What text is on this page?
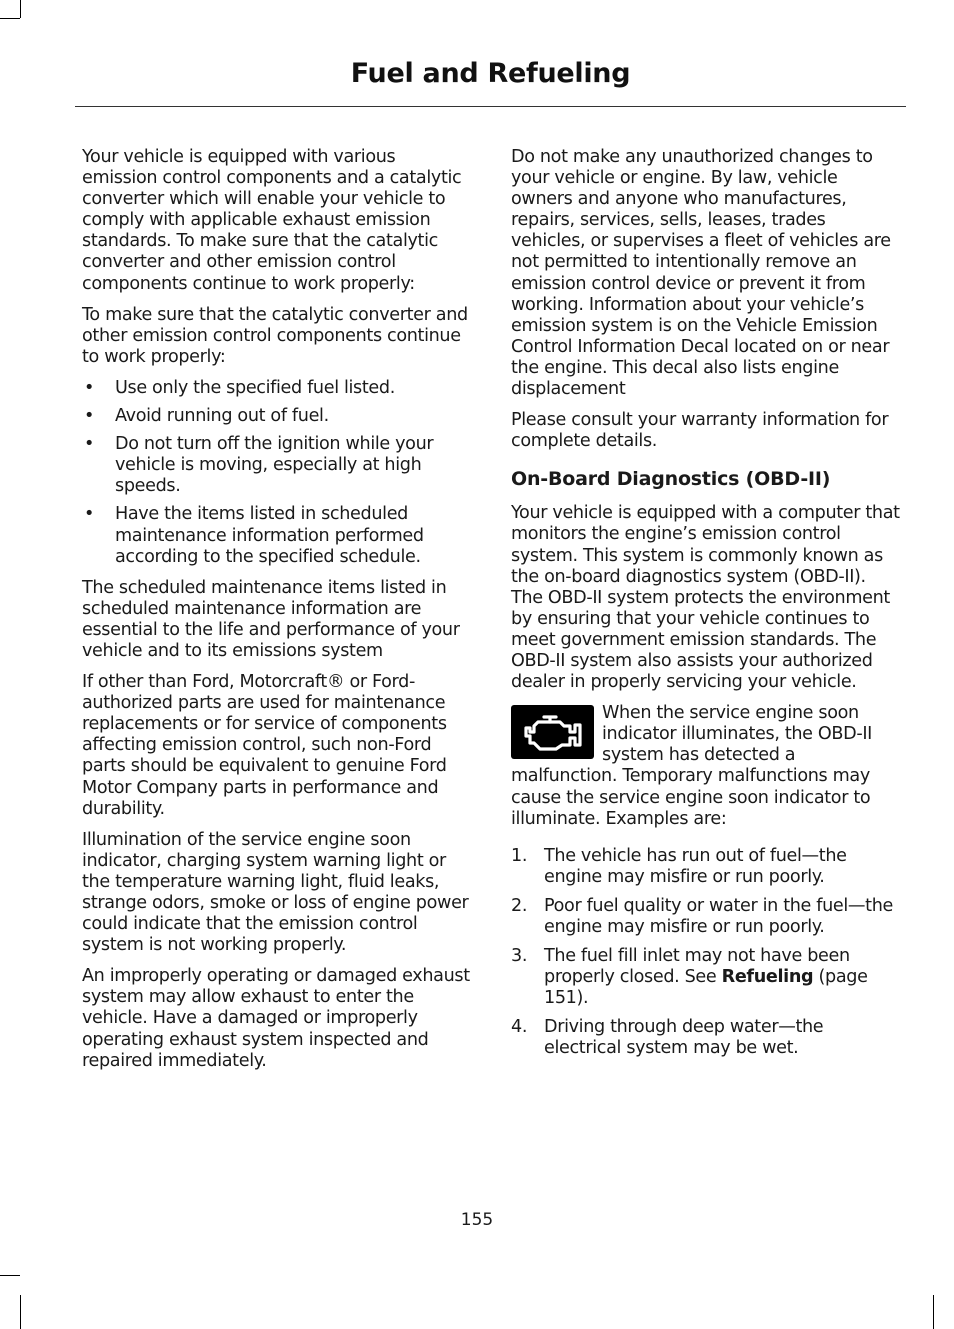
Fuel and Refueling

Your vehicle is equipped with various emission control components and a catalytic converter which will enable your vehicle to comply with applicable exhaust emission standards. To make sure that the catalytic converter and other emission control components continue to work properly:

To make sure that the catalytic converter and other emission control components continue to work properly:

• Use only the specified fuel listed.
• Avoid running out of fuel.
• Do not turn off the ignition while your vehicle is moving, especially at high speeds.
• Have the items listed in scheduled maintenance information performed according to the specified schedule.

The scheduled maintenance items listed in scheduled maintenance information are essential to the life and performance of your vehicle and to its emissions system

If other than Ford, Motorcraft® or Ford-authorized parts are used for maintenance replacements or for service of components affecting emission control, such non-Ford parts should be equivalent to genuine Ford Motor Company parts in performance and durability.

Illumination of the service engine soon indicator, charging system warning light or the temperature warning light, fluid leaks, strange odors, smoke or loss of engine power could indicate that the emission control system is not working properly.

An improperly operating or damaged exhaust system may allow exhaust to enter the vehicle. Have a damaged or improperly operating exhaust system inspected and repaired immediately.

Do not make any unauthorized changes to your vehicle or engine. By law, vehicle owners and anyone who manufactures, repairs, services, sells, leases, trades vehicles, or supervises a fleet of vehicles are not permitted to intentionally remove an emission control device or prevent it from working. Information about your vehicle’s emission system is on the Vehicle Emission Control Information Decal located on or near the engine. This decal also lists engine displacement

Please consult your warranty information for complete details.

On-Board Diagnostics (OBD-II)

Your vehicle is equipped with a computer that monitors the engine’s emission control system. This system is commonly known as the on-board diagnostics system (OBD-II). The OBD-II system protects the environment by ensuring that your vehicle continues to meet government emission standards. The OBD-II system also assists your authorized dealer in properly servicing your vehicle.

When the service engine soon indicator illuminates, the OBD-II system has detected a malfunction. Temporary malfunctions may cause the service engine soon indicator to illuminate. Examples are:

1. The vehicle has run out of fuel—the engine may misfire or run poorly.
2. Poor fuel quality or water in the fuel—the engine may misfire or run poorly.
3. The fuel fill inlet may not have been properly closed. See Refueling (page 151).
4. Driving through deep water—the electrical system may be wet.
155
